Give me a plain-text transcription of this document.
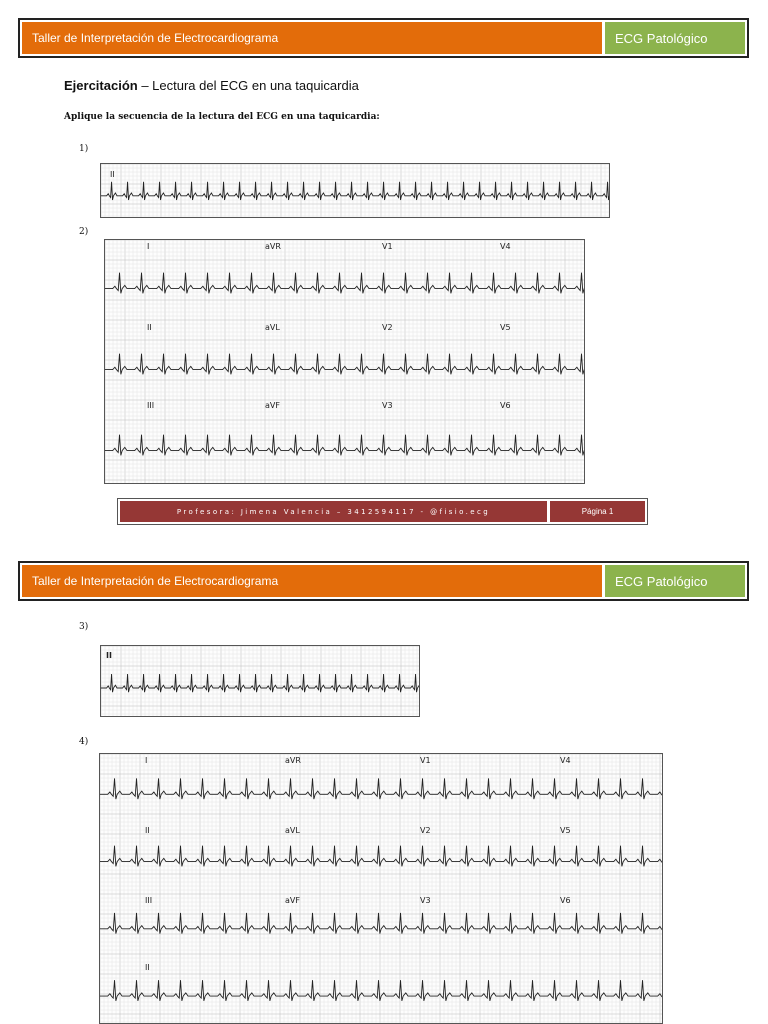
Taller de Interpretación de Electrocardiograma	ECG Patológico
Ejercitación – Lectura del ECG en una taquicardia
Aplique la secuencia de la lectura del ECG en una taquicardia:
1)
II
2)
I	aVR	V1	V4
II	aVL	V2	V5
III	aVF	V3	V6
Profesora: Jimena Valencia – 3412594117 - @fisio.ecg	Página 1
Taller de Interpretación de Electrocardiograma	ECG Patológico
3)
II
4)
I	aVR	V1	V4
II	aVL	V2	V5
III	aVF	V3	V6
II
